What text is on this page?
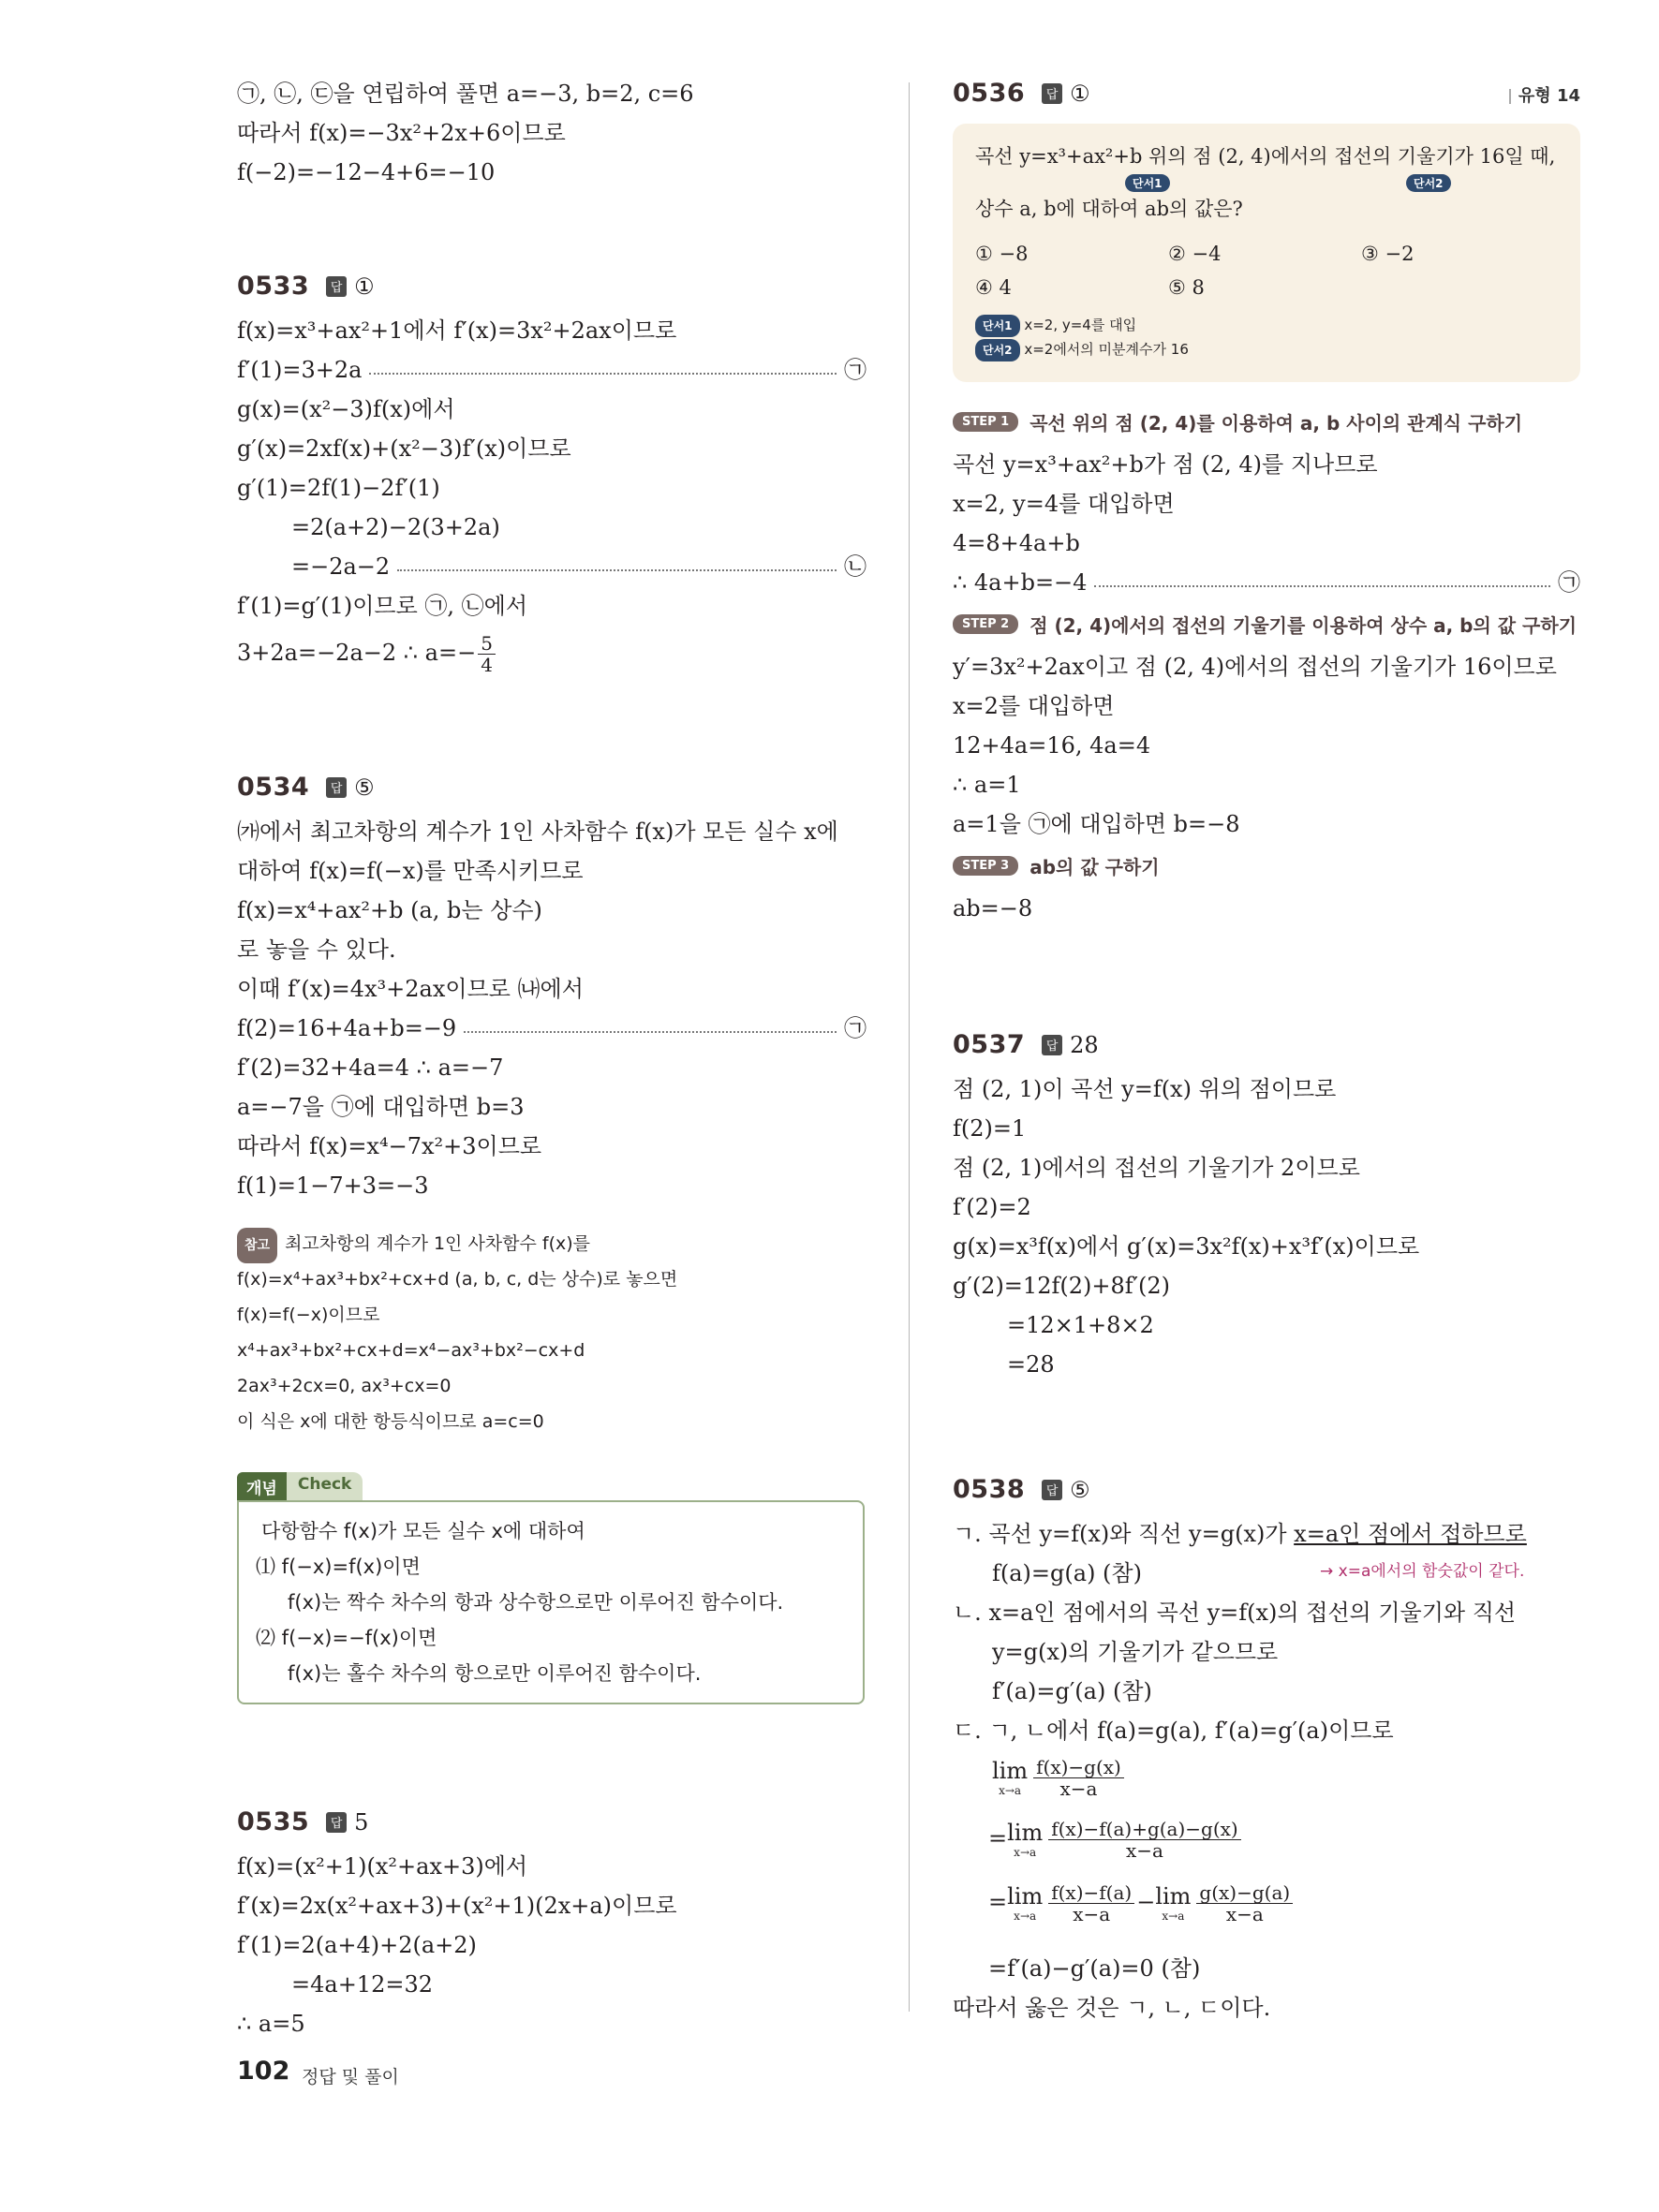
㉠, ㉡, ㉢을 연립하여 풀면 a=−3, b=2, c=6
따라서 f(x)=−3x²+2x+6이므로
f(−2)=−12−4+6=−10
0533	답 ①
f(x)=x³+ax²+1에서 f′(x)=3x²+2ax이므로
f′(1)=3+2a	㉠
g(x)=(x²−3)f(x)에서
g′(x)=2xf(x)+(x²−3)f′(x)이므로
g′(1)=2f(1)−2f′(1)
=2(a+2)−2(3+2a)
=−2a−2	㉡
f′(1)=g′(1)이므로 ㉠, ㉡에서
3+2a=−2a−2 ∴ $a=- \frac{5}{4}$
0534	답 ⑤
㈎에서 최고차항의 계수가 1인 사차함수 f(x)가 모든 실수 x에
대하여 f(x)=f(−x)를 만족시키므로
f(x)=x⁴+ax²+b (a, b는 상수)
로 놓을 수 있다.
이때 f′(x)=4x³+2ax이므로 ㈏에서
f(2)=16+4a+b=−9	㉠
f′(2)=32+4a=4 ∴ a=−7
a=−7을 ㉠에 대입하면 b=3
따라서 f(x)=x⁴−7x²+3이므로
f(1)=1−7+3=−3
참고 최고차항의 계수가 1인 사차함수 f(x)를
f(x)=x⁴+ax³+bx²+cx+d (a, b, c, d는 상수)로 놓으면
f(x)=f(−x)이므로
x⁴+ax³+bx²+cx+d=x⁴−ax³+bx²−cx+d
2ax³+2cx=0, ax³+cx=0
이 식은 x에 대한 항등식이므로 a=c=0
개념	Check
다항함수 f(x)가 모든 실수 x에 대하여
⑴ f(−x)=f(x)이면
f(x)는 짝수 차수의 항과 상수항으로만 이루어진 함수이다.
⑵ f(−x)=−f(x)이면
f(x)는 홀수 차수의 항으로만 이루어진 함수이다.
0535	답 5
f(x)=(x²+1)(x²+ax+3)에서
f′(x)=2x(x²+ax+3)+(x²+1)(2x+a)이므로
f′(1)=2(a+4)+2(a+2)
=4a+12=32
∴ a=5
0536	답 ①	유형 14
곡선 y=x³+ax²+b 위의 점 (2, 4)에서의 접선의 기울기가 16일 때,
단서1	단서2
상수 a, b에 대하여 ab의 값은?
① −8	② −4	③ −2
④ 4	⑤ 8
단서1 x=2, y=4를 대입
단서2 x=2에서의 미분계수가 16
STEP 1	곡선 위의 점 (2, 4)를 이용하여 a, b 사이의 관계식 구하기
곡선 y=x³+ax²+b가 점 (2, 4)를 지나므로
x=2, y=4를 대입하면
4=8+4a+b
∴ 4a+b=−4	㉠
STEP 2	점 (2, 4)에서의 접선의 기울기를 이용하여 상수 a, b의 값 구하기
y′=3x²+2ax이고 점 (2, 4)에서의 접선의 기울기가 16이므로
x=2를 대입하면
12+4a=16, 4a=4
∴ a=1
a=1을 ㉠에 대입하면 b=−8
STEP 3	ab의 값 구하기
ab=−8
0537	답 28
점 (2, 1)이 곡선 y=f(x) 위의 점이므로
f(2)=1
점 (2, 1)에서의 접선의 기울기가 2이므로
f′(2)=2
g(x)=x³f(x)에서 g′(x)=3x²f(x)+x³f′(x)이므로
g′(2)=12f(2)+8f′(2)
=12×1+8×2
=28
0538	답 ⑤
ㄱ. 곡선 y=f(x)와 직선 y=g(x)가 x=a인 점에서 접하므로
→ x=a에서의 함숫값이 같다.
f(a)=g(a) (참)
ㄴ. x=a인 점에서의 곡선 y=f(x)의 접선의 기울기와 직선
y=g(x)의 기울기가 같으므로
f′(a)=g′(a) (참)
ㄷ. ㄱ, ㄴ에서 f(a)=g(a), f′(a)=g′(a)이므로
lim
$x\to a \frac{f(x)-g(x)}{x-a}$
= lim
$x\to a \frac{f(x)-f(a)+g(a)-g(x)}{x-a}$
= lim
$x\to a \frac{f(x)-f(a)}{x-a} - \lim$
$x\to a \frac{g(x)-g(a)}{x-a}$
=f′(a)−g′(a)=0 (참)
따라서 옳은 것은 ㄱ, ㄴ, ㄷ이다.
102 정답 및 풀이
